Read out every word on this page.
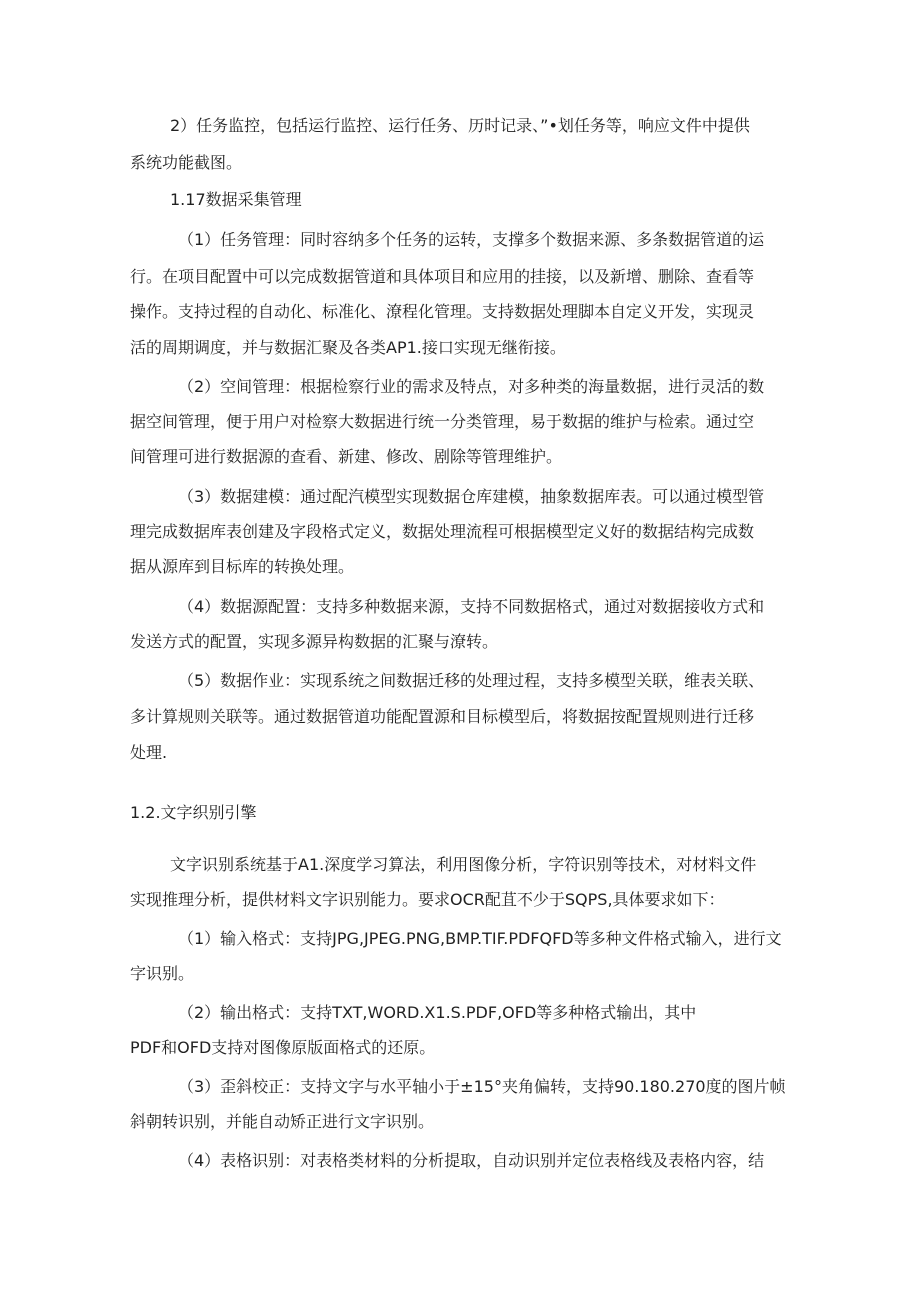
2）任务监控，包括运行监控、运行任务、历时记录、”•划任务等，响应文件中提供
系统功能截图。
1.17数据采集管理
（1）任务管理：同时容纳多个任务的运转，支撑多个数据来源、多条数据管道的运
行。在项目配置中可以完成数据管道和具体项目和应用的挂接，以及新增、删除、查看等
操作。支持过程的自动化、标准化、潦程化管理。支持数据处理脚本自定义开发，实现灵
活的周期调度，并与数据汇聚及各类AP1.接口实现无继衔接。
（2）空间管理：根据检察行业的需求及特点，对多种类的海量数据，进行灵活的数
据空间管理，便于用户对检察大数据进行统一分类管理，易于数据的维护与检索。通过空
间管理可进行数据源的查看、新建、修改、剧除等管理维护。
（3）数据建模：通过配汽模型实现数据仓库建模，抽象数据库表。可以通过模型管
理完成数据库表创建及字段格式定义，数据处理流程可根据模型定义好的数据结构完成数
据从源库到目标库的转换处理。
（4）数据源配置：支持多种数据来源，支持不同数据格式，通过对数据接收方式和
发送方式的配置，实现多源异构数据的汇聚与潦转。
（5）数据作业：实现系统之间数据迁移的处理过程，支持多模型关联，维表关联、
多计算规则关联等。通过数据管道功能配置源和目标模型后，将数据按配置规则进行迁移
处理.
1.2.文字织别引擎
文字识别系统基于A1.深度学习算法，利用图像分析，字符识别等技术，对材料文件
实现推理分析，提供材料文字识别能力。要求OCR配苴不少于SQPS,具体要求如下：
（1）输入格式：支持JPG,JPEG.PNG,BMP.TIF.PDFQFD等多种文件格式输入，进行文
字识别。
（2）输出格式：支持TXT,WORD.X1.S.PDF,OFD等多种格式输出，其中
PDF和OFD支持对图像原版面格式的还原。
（3）歪斜校正：支持文字与水平轴小于±15°夹角偏转，支持90.180.270度的图片帧
斜朝转识别，并能自动矫正进行文字识别。
（4）表格识别：对表格类材料的分析提取，自动识别并定位表格线及表格内容，结
